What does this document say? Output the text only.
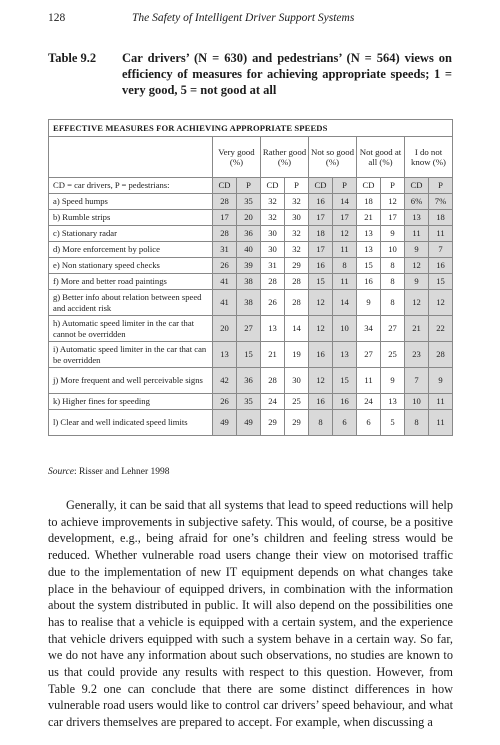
128	The Safety of Intelligent Driver Support Systems
Table 9.2	Car drivers’ (N = 630) and pedestrians’ (N = 564) views on efficiency of measures for achieving appropriate speeds; 1 = very good, 5 = not good at all
EFFECTIVE MEASURES FOR ACHIEVING APPROPRIATE SPEEDS										
	Very good (%)		Rather good (%)		Not so good (%)		Not good at all (%)		I do not know (%)	
CD = car drivers, P = pedestrians:	CD	P	CD	P	CD	P	CD	P	CD	P
a) Speed humps	28	35	32	32	16	14	18	12	6%	7%
b) Rumble strips	17	20	32	30	17	17	21	17	13	18
c) Stationary radar	28	36	30	32	18	12	13	9	11	11
d) More enforcement by police	31	40	30	32	17	11	13	10	9	7
e) Non stationary speed checks	26	39	31	29	16	8	15	8	12	16
f) More and better road paintings	41	38	28	28	15	11	16	8	9	15
g) Better info about relation between speed and accident risk	41	38	26	28	12	14	9	8	12	12
h) Automatic speed limiter in the car that cannot be overridden	20	27	13	14	12	10	34	27	21	22
i) Automatic speed limiter in the car that can be overridden	13	15	21	19	16	13	27	25	23	28
j) More frequent and well perceivable signs	42	36	28	30	12	15	11	9	7	9
k) Higher fines for speeding	26	35	24	25	16	16	24	13	10	11
l) Clear and well indicated speed limits	49	49	29	29	8	6	6	5	8	11
Source: Risser and Lehner 1998

Generally, it can be said that all systems that lead to speed reductions will help to achieve improvements in subjective safety. This would, of course, be a positive development, e.g., being afraid for one’s children and feeling stress would be reduced. Whether vulnerable road users change their view on motorised traffic due to the implementation of new IT equipment depends on what changes take place in the behaviour of equipped drivers, in combination with the information about the system distributed in public. It will also depend on the possibilities one has to realise that a vehicle is equipped with a certain system, and the experience that vehicle drivers equipped with such a system behave in a certain way. So far, we do not have any information about such observations, no studies are known to us that could provide any results with respect to this question. However, from Table 9.2 one can conclude that there are some distinct differences in how vulnerable road users would like to control car drivers’ speed behaviour, and what car drivers themselves are prepared to accept. For example, when discussing a
